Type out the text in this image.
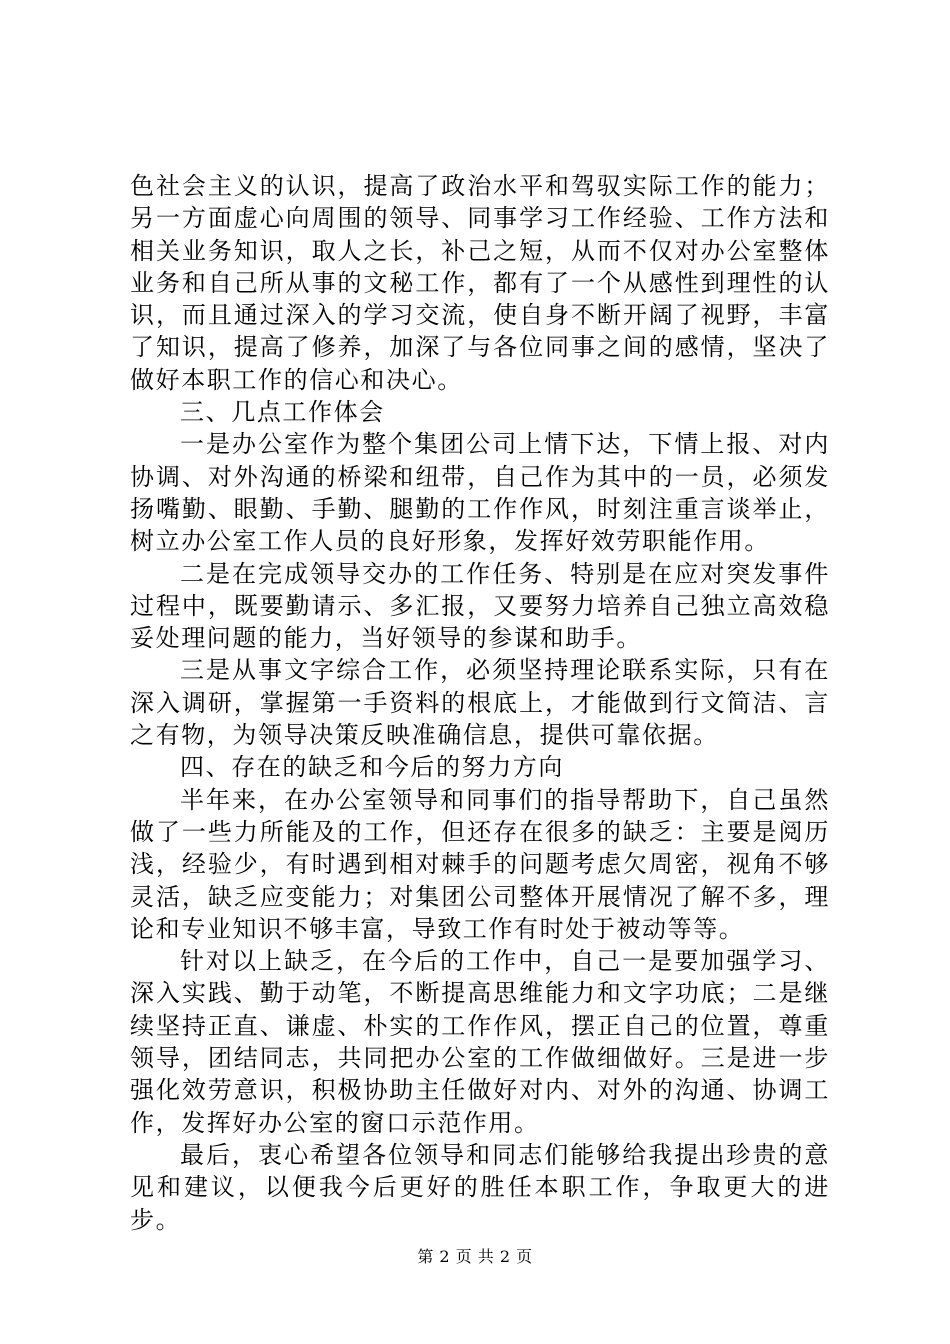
色社会主义的认识，提高了政治水平和驾驭实际工作的能力；另一方面虚心向周围的领导、同事学习工作经验、工作方法和相关业务知识，取人之长，补己之短，从而不仅对办公室整体业务和自己所从事的文秘工作，都有了一个从感性到理性的认识，而且通过深入的学习交流，使自身不断开阔了视野，丰富了知识，提高了修养，加深了与各位同事之间的感情，坚决了做好本职工作的信心和决心。

三、几点工作体会

一是办公室作为整个集团公司上情下达，下情上报、对内协调、对外沟通的桥梁和纽带，自己作为其中的一员，必须发扬嘴勤、眼勤、手勤、腿勤的工作作风，时刻注重言谈举止，树立办公室工作人员的良好形象，发挥好效劳职能作用。

二是在完成领导交办的工作任务、特别是在应对突发事件过程中，既要勤请示、多汇报，又要努力培养自己独立高效稳妥处理问题的能力，当好领导的参谋和助手。

三是从事文字综合工作，必须坚持理论联系实际，只有在深入调研，掌握第一手资料的根底上，才能做到行文简洁、言之有物，为领导决策反映准确信息，提供可靠依据。

四、存在的缺乏和今后的努力方向

半年来，在办公室领导和同事们的指导帮助下，自己虽然做了一些力所能及的工作，但还存在很多的缺乏：主要是阅历浅，经验少，有时遇到相对棘手的问题考虑欠周密，视角不够灵活，缺乏应变能力；对集团公司整体开展情况了解不多，理论和专业知识不够丰富，导致工作有时处于被动等等。

针对以上缺乏，在今后的工作中，自己一是要加强学习、深入实践、勤于动笔，不断提高思维能力和文字功底；二是继续坚持正直、谦虚、朴实的工作作风，摆正自己的位置，尊重领导，团结同志，共同把办公室的工作做细做好。三是进一步强化效劳意识，积极协助主任做好对内、对外的沟通、协调工作，发挥好办公室的窗口示范作用。

最后，衷心希望各位领导和同志们能够给我提出珍贵的意见和建议，以便我今后更好的胜任本职工作，争取更大的进步。

第 2 页 共 2 页
